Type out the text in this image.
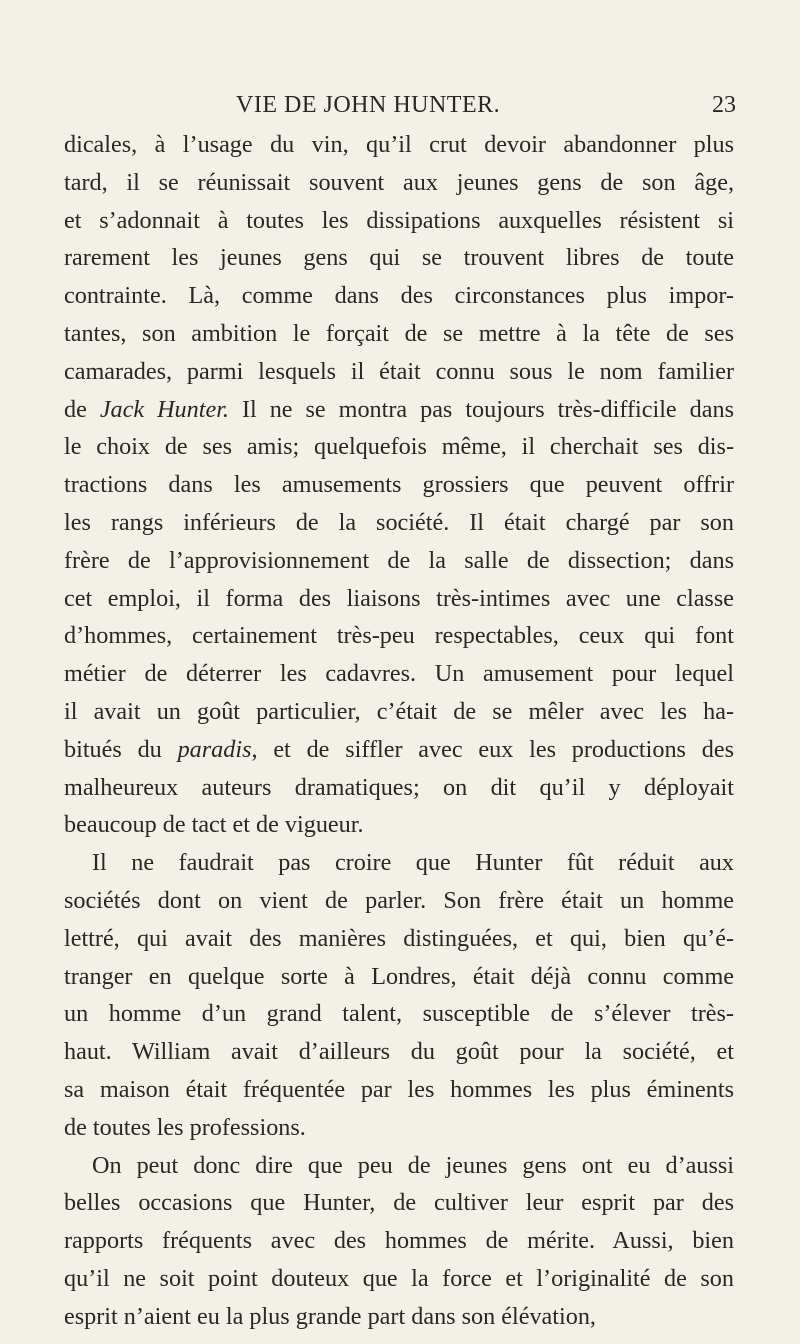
VIE DE JOHN HUNTER.	23
dicales, à l’usage du vin, qu’il crut devoir abandonner plus
tard, il se réunissait souvent aux jeunes gens de son âge,
et s’adonnait à toutes les dissipations auxquelles résistent si
rarement les jeunes gens qui se trouvent libres de toute
contrainte. Là, comme dans des circonstances plus impor-
tantes, son ambition le forçait de se mettre à la tête de ses
camarades, parmi lesquels il était connu sous le nom familier
de Jack Hunter. Il ne se montra pas toujours très-difficile dans
le choix de ses amis; quelquefois même, il cherchait ses dis-
tractions dans les amusements grossiers que peuvent offrir
les rangs inférieurs de la société. Il était chargé par son
frère de l’approvisionnement de la salle de dissection; dans
cet emploi, il forma des liaisons très-intimes avec une classe
d’hommes, certainement très-peu respectables, ceux qui font
métier de déterrer les cadavres. Un amusement pour lequel
il avait un goût particulier, c’était de se mêler avec les ha-
bitués du paradis, et de siffler avec eux les productions des
malheureux auteurs dramatiques; on dit qu’il y déployait
beaucoup de tact et de vigueur.
Il ne faudrait pas croire que Hunter fût réduit aux
sociétés dont on vient de parler. Son frère était un homme
lettré, qui avait des manières distinguées, et qui, bien qu’é-
tranger en quelque sorte à Londres, était déjà connu comme
un homme d’un grand talent, susceptible de s’élever très-
haut. William avait d’ailleurs du goût pour la société, et
sa maison était fréquentée par les hommes les plus éminents
de toutes les professions.
On peut donc dire que peu de jeunes gens ont eu d’aussi
belles occasions que Hunter, de cultiver leur esprit par des
rapports fréquents avec des hommes de mérite. Aussi, bien
qu’il ne soit point douteux que la force et l’originalité de son
esprit n’aient eu la plus grande part dans son élévation,
